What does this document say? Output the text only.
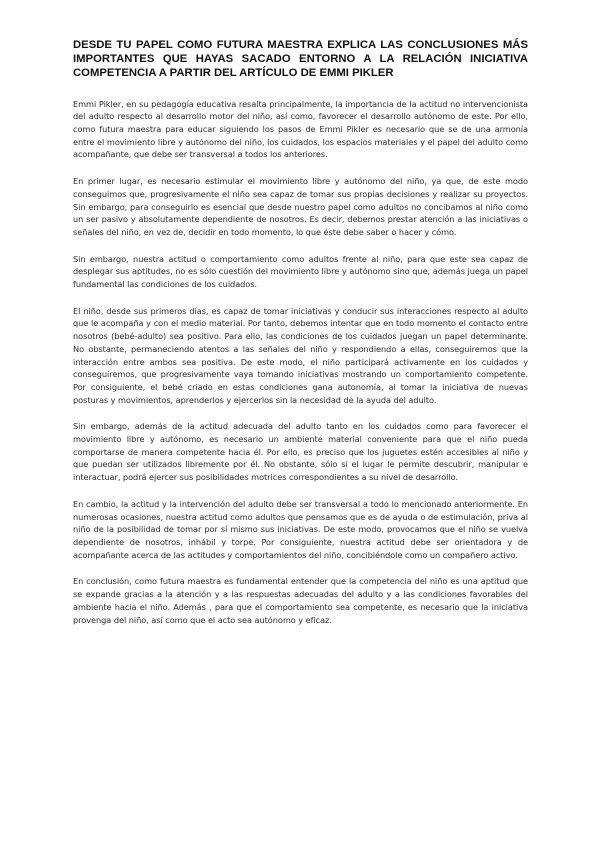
DESDE TU PAPEL COMO FUTURA MAESTRA EXPLICA LAS CONCLUSIONES MÁS IMPORTANTES QUE HAYAS SACADO ENTORNO A LA RELACIÓN INICIATIVA COMPETENCIA A PARTIR DEL ARTÍCULO DE EMMI PIKLER

Emmi Pikler, en su pedagogía educativa resalta principalmente, la importancia de la actitud no intervencionista del adulto respecto al desarrollo motor del niño, así como, favorecer el desarrollo autónomo de este. Por ello, como futura maestra para educar siguiendo los pasos de Emmi Pikler es necesario que se de una armonía entre el movimiento libre y autónomo del niño, los cuidados, los espacios materiales y el papel del adulto como acompañante, que debe ser transversal a todos los anteriores.

En primer lugar, es necesario estimular el movimiento libre y autónomo del niño, ya que, de este modo conseguimos que, progresivamente el niño sea capaz de tomar sus propias decisiones y realizar su proyectos. Sin embargo, para conseguirlo es esencial que desde nuestro papel como adultos no concibamos al niño como un ser pasivo y absolutamente dependiente de nosotros. Es decir, debemos prestar atención a las iniciativas o señales del niño, en vez de, decidir en todo momento, lo que éste debe saber o hacer y cómo.

Sin embargo, nuestra actitud o comportamiento como adultos frente al niño, para que este sea capaz de desplegar sus aptitudes, no es sólo cuestión del movimiento libre y autónomo sino que, además juega un papel fundamental las condiciones de los cuidados.

El niño, desde sus primeros días, es capaz de tomar iniciativas y conducir sus interacciones respecto al adulto que le acompaña y con el medio material. Por tanto, debemos intentar que en todo momento el contacto entre nosotros (bebé-adulto) sea positivo. Para ello, las condiciones de los cuidados juegan un papel determinante. No obstante, permaneciendo atentos a las señales del niño y respondiendo a ellas, conseguiremos que la interacción entre ambos sea positiva. De este modo, el niño participará activamente en los cuidados y conseguiremos, que progresivamente vaya tomando iniciativas mostrando un comportamiento competente. Por consiguiente, el bebé criado en estas condiciones gana autonomía, al tomar la iniciativa de nuevas posturas y movimientos, aprenderlos y ejercerlos sin la necesidad de la ayuda del adulto.

Sin embargo, además de la actitud adecuada del adulto tanto en los cuidados como para favorecer el movimiento libre y autónomo, es necesario un ambiente material conveniente para que el niño pueda comportarse de manera competente hacia él. Por ello, es preciso que los juguetes estén accesibles al niño y que puedan ser utilizados libremente por él. No obstante, sólo si el lugar le permite descubrir, manipular e interactuar, podrá ejercer sus posibilidades motrices correspondientes a su nivel de desarrollo.

En cambio, la actitud y la intervención del adulto debe ser transversal a todo lo mencionado anteriormente. En numerosas ocasiones, nuestra actitud como adultos que pensamos que es de ayuda o de estimulación, priva al niño de la posibilidad de tomar por sí mismo sus iniciativas. De este modo, provocamos que el niño se vuelva dependiente de nosotros, inhábil y torpe. Por consiguiente, nuestra actitud debe ser orientadora y de acompañante acerca de las actitudes y comportamientos del niño, concibiéndole como un compañero activo.

En conclusión, como futura maestra es fundamental entender que la competencia del niño es una aptitud que se expande gracias a la atención y a las respuestas adecuadas del adulto y a las condiciones favorables del ambiente hacia el niño. Además , para que el comportamiento sea competente, es necesario que la iniciativa provenga del niño, así como que el acto sea autónomo y eficaz.
